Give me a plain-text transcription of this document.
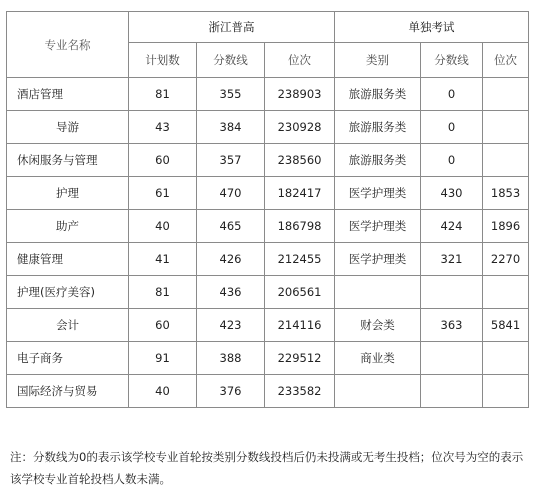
专业名称	浙江普高			单独考试		
	计划数	分数线	位次	类别	分数线	位次
酒店管理	81	355	238903	旅游服务类	0	
导游	43	384	230928	旅游服务类	0	
休闲服务与管理	60	357	238560	旅游服务类	0	
护理	61	470	182417	医学护理类	430	1853
助产	40	465	186798	医学护理类	424	1896
健康管理	41	426	212455	医学护理类	321	2270
护理(医疗美容)	81	436	206561			
会计	60	423	214116	财会类	363	5841
电子商务	91	388	229512	商业类		
国际经济与贸易	40	376	233582			
注：分数线为0的表示该学校专业首轮按类别分数线投档后仍未投满或无考生投档；位次号为空的表示该学校专业首轮投档人数未满。
